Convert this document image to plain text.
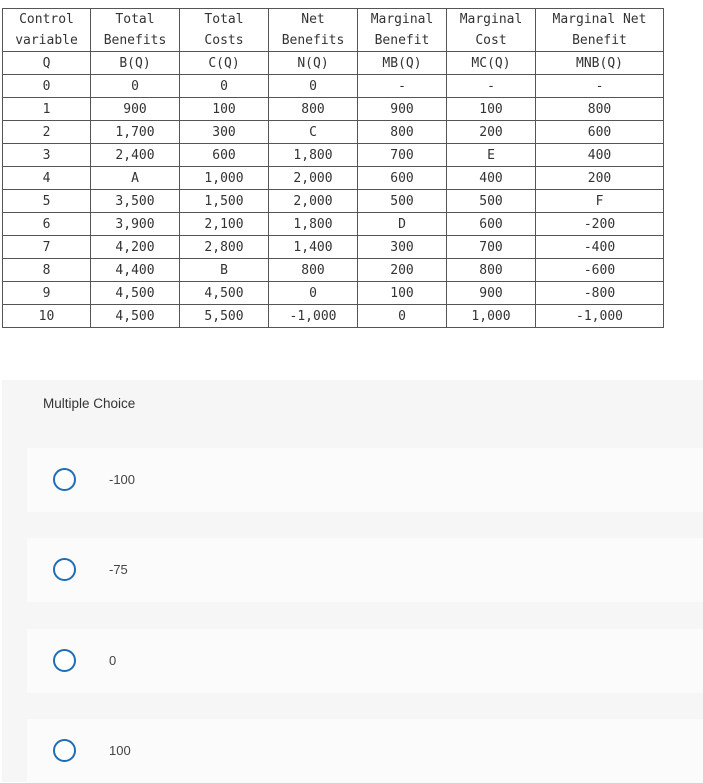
Control	Total	Total	Net	Marginal	Marginal	Marginal Net
variable	Benefits	Costs	Benefits	Benefit	Cost	Benefit
Q	B(Q)	C(Q)	N(Q)	MB(Q)	MC(Q)	MNB(Q)
0	0	0	0	-	-	-
1	900	100	800	900	100	800
2	1,700	300	C	800	200	600
3	2,400	600	1,800	700	E	400
4	A	1,000	2,000	600	400	200
5	3,500	1,500	2,000	500	500	F
6	3,900	2,100	1,800	D	600	-200
7	4,200	2,800	1,400	300	700	-400
8	4,400	B	800	200	800	-600
9	4,500	4,500	0	100	900	-800
10	4,500	5,500	-1,000	0	1,000	-1,000
Multiple Choice
-100
-75
0
100
